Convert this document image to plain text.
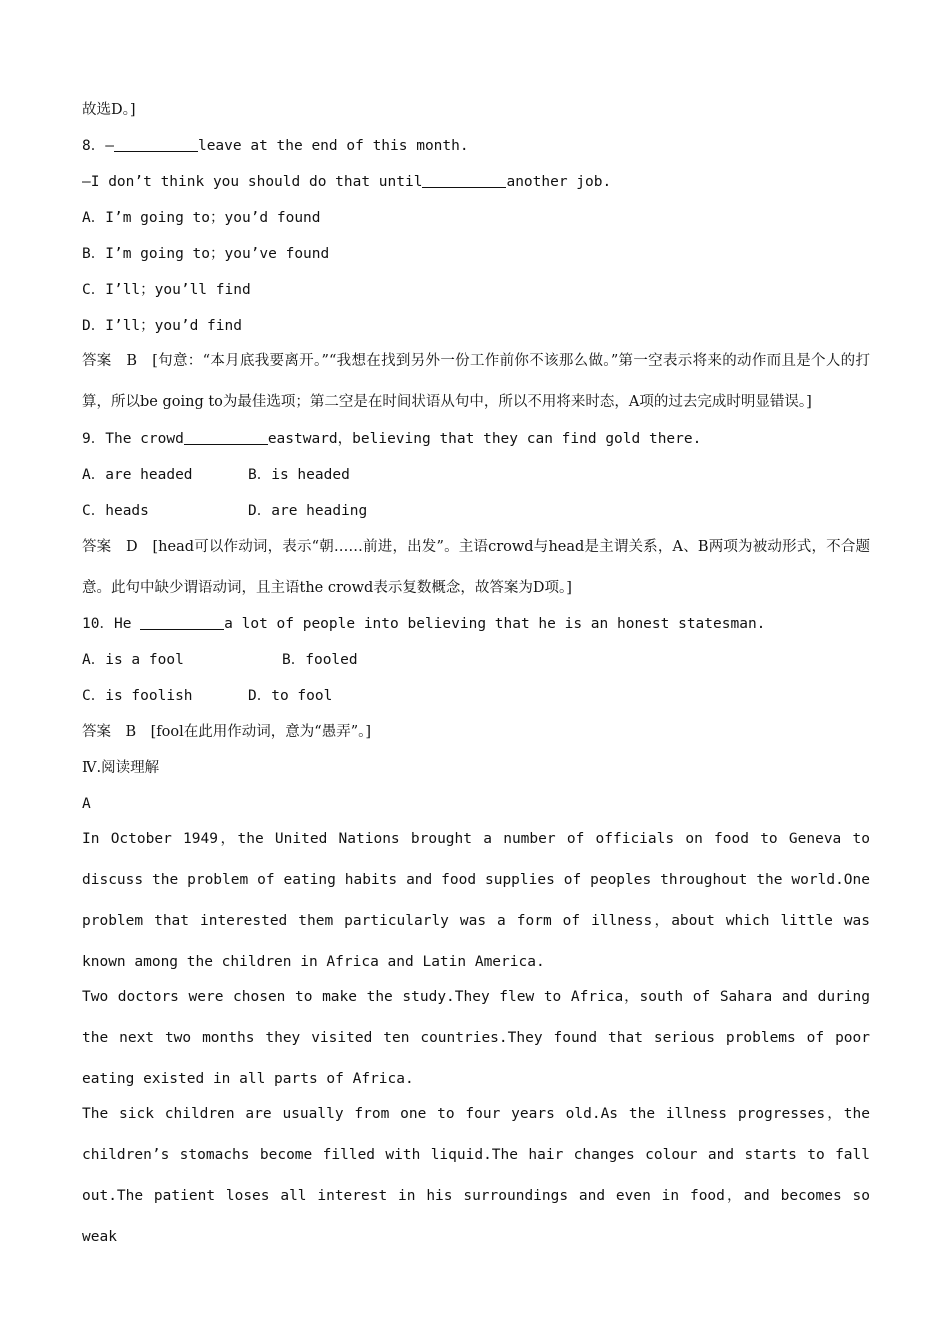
故选D。]
8．—	leave at the end of this month.
—I don’t think you should do that until	another job.
A．I’m going to；you’d found
B．I’m going to；you’ve found
C．I’ll；you’ll find
D．I’ll；you’d find
答案　B　[句意：“本月底我要离开。”“我想在找到另外一份工作前你不该那么做。”第一空表示将来的动作而且是个人的打算，所以be going to为最佳选项；第二空是在时间状语从句中，所以不用将来时态，A项的过去完成时明显错误。]
9．The crowd	eastward，believing that they can find gold there.
A．are headed	B．is headed
C．heads	D．are heading
答案　D　[head可以作动词，表示“朝……前进，出发”。主语crowd与head是主谓关系，A、B两项为被动形式，不合题意。此句中缺少谓语动词，且主语the crowd表示复数概念，故答案为D项。]
10．He	a lot of people into believing that he is an honest statesman.
A．is a fool	B．fooled
C．is foolish	D．to fool
答案　B　[fool在此用作动词，意为“愚弄”。]
Ⅳ.阅读理解
A
In October 1949，the United Nations brought a number of officials on food to Geneva to discuss the problem of eating habits and food supplies of peoples throughout the world.One problem that interested them particularly was a form of illness，about which little was known among the children in Africa and Latin America.
Two doctors were chosen to make the study.They flew to Africa，south of Sahara and during the next two months they visited ten countries.They found that serious problems of poor eating existed in all parts of Africa.
The sick children are usually from one to four years old.As the illness progresses，the children’s stomachs become filled with liquid.The hair changes colour and starts to fall out.The patient loses all interest in his surroundings and even in food，and becomes so weak
